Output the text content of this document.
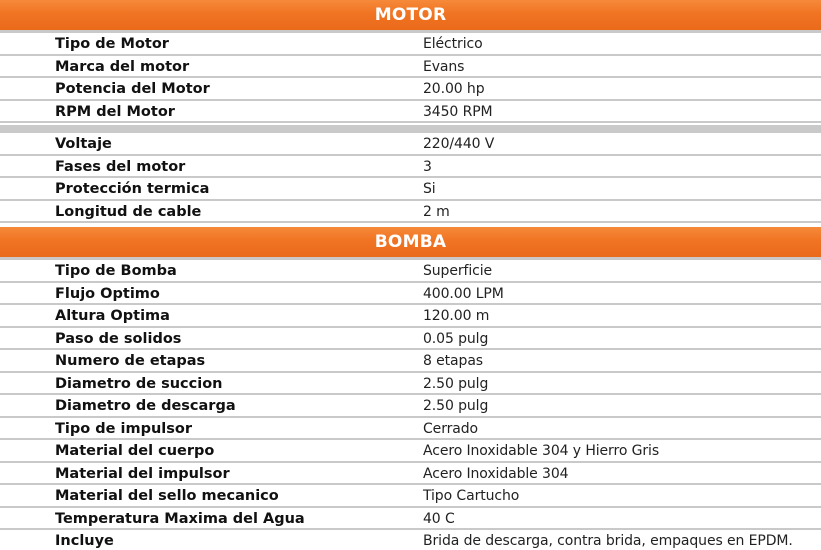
MOTOR
Tipo de Motor	Eléctrico
Marca del motor	Evans
Potencia del Motor	20.00 hp
RPM del Motor	3450 RPM
Voltaje	220/440 V
Fases del motor	3
Protección termica	Si
Longitud de cable	2 m
BOMBA
Tipo de Bomba	Superficie
Flujo Optimo	400.00 LPM
Altura Optima	120.00 m
Paso de solidos	0.05 pulg
Numero de etapas	8 etapas
Diametro de succion	2.50 pulg
Diametro de descarga	2.50 pulg
Tipo de impulsor	Cerrado
Material del cuerpo	Acero Inoxidable 304 y Hierro Gris
Material del impulsor	Acero Inoxidable 304
Material del sello mecanico	Tipo Cartucho
Temperatura Maxima del Agua	40 C
Incluye	Brida de descarga, contra brida, empaques en EPDM.
